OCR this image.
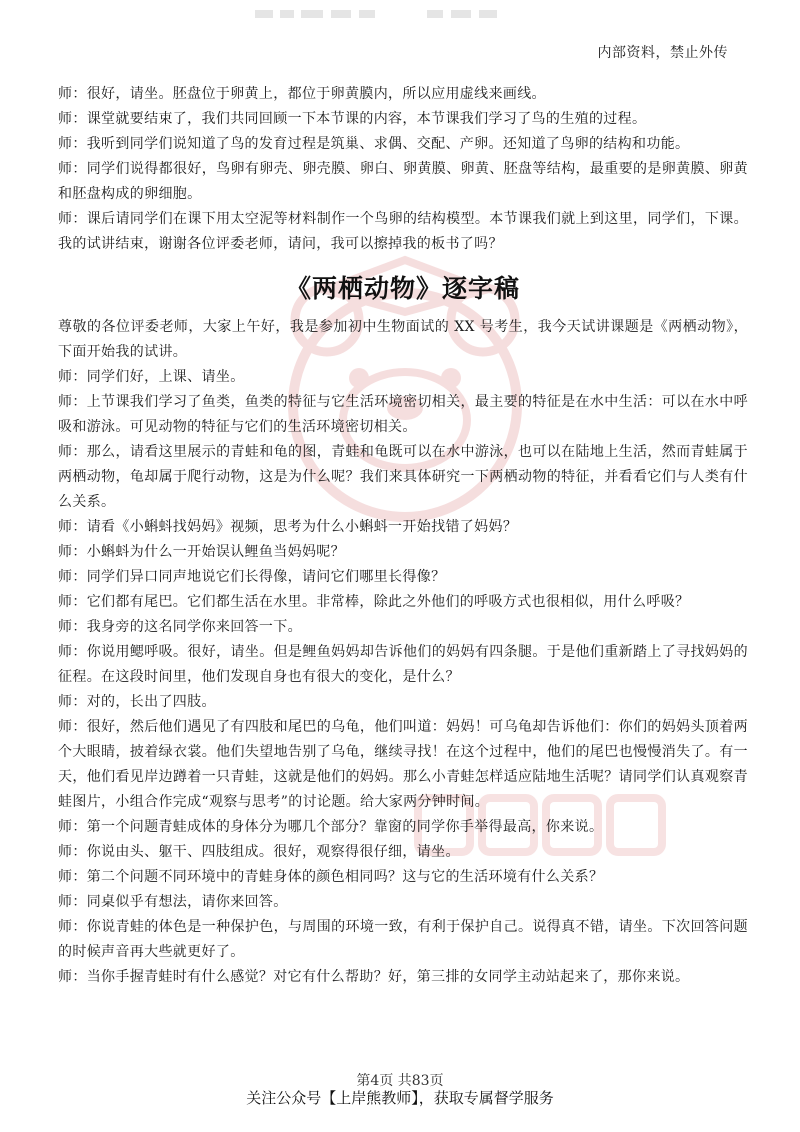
内部资料，禁止外传

师：很好，请坐。胚盘位于卵黄上，都位于卵黄膜内，所以应用虚线来画线。

师：课堂就要结束了，我们共同回顾一下本节课的内容，本节课我们学习了鸟的生殖的过程。

师：我听到同学们说知道了鸟的发育过程是筑巢、求偶、交配、产卵。还知道了鸟卵的结构和功能。

师：同学们说得都很好，鸟卵有卵壳、卵壳膜、卵白、卵黄膜、卵黄、胚盘等结构，最重要的是卵黄膜、卵黄和胚盘构成的卵细胞。

师：课后请同学们在课下用太空泥等材料制作一个鸟卵的结构模型。本节课我们就上到这里，同学们，下课。我的试讲结束，谢谢各位评委老师，请问，我可以擦掉我的板书了吗？

《两栖动物》逐字稿

尊敬的各位评委老师，大家上午好，我是参加初中生物面试的 XX 号考生，我今天试讲课题是《两栖动物》，下面开始我的试讲。

师：同学们好，上课、请坐。

师：上节课我们学习了鱼类，鱼类的特征与它生活环境密切相关，最主要的特征是在水中生活：可以在水中呼吸和游泳。可见动物的特征与它们的生活环境密切相关。

师：那么，请看这里展示的青蛙和龟的图，青蛙和龟既可以在水中游泳，也可以在陆地上生活，然而青蛙属于两栖动物，龟却属于爬行动物，这是为什么呢？我们来具体研究一下两栖动物的特征，并看看它们与人类有什么关系。

师：请看《小蝌蚪找妈妈》视频，思考为什么小蝌蚪一开始找错了妈妈？

师：小蝌蚪为什么一开始误认鲤鱼当妈妈呢？

师：同学们异口同声地说它们长得像，请问它们哪里长得像？

师：它们都有尾巴。它们都生活在水里。非常棒，除此之外他们的呼吸方式也很相似，用什么呼吸？

师：我身旁的这名同学你来回答一下。

师：你说用鳃呼吸。很好，请坐。但是鲤鱼妈妈却告诉他们的妈妈有四条腿。于是他们重新踏上了寻找妈妈的征程。在这段时间里，他们发现自身也有很大的变化，是什么？

师：对的，长出了四肢。

师：很好，然后他们遇见了有四肢和尾巴的乌龟，他们叫道：妈妈！可乌龟却告诉他们：你们的妈妈头顶着两个大眼睛，披着绿衣裳。他们失望地告别了乌龟，继续寻找！在这个过程中，他们的尾巴也慢慢消失了。有一天，他们看见岸边蹲着一只青蛙，这就是他们的妈妈。那么小青蛙怎样适应陆地生活呢？请同学们认真观察青蛙图片，小组合作完成“观察与思考”的讨论题。给大家两分钟时间。

师：第一个问题青蛙成体的身体分为哪几个部分？靠窗的同学你手举得最高，你来说。

师：你说由头、躯干、四肢组成。很好，观察得很仔细，请坐。

师：第二个问题不同环境中的青蛙身体的颜色相同吗？这与它的生活环境有什么关系？

师：同桌似乎有想法，请你来回答。

师：你说青蛙的体色是一种保护色，与周围的环境一致，有利于保护自己。说得真不错，请坐。下次回答问题的时候声音再大些就更好了。

师：当你手握青蛙时有什么感觉？对它有什么帮助？好，第三排的女同学主动站起来了，那你来说。

第4页 共83页
关注公众号【上岸熊教师】，获取专属督学服务
